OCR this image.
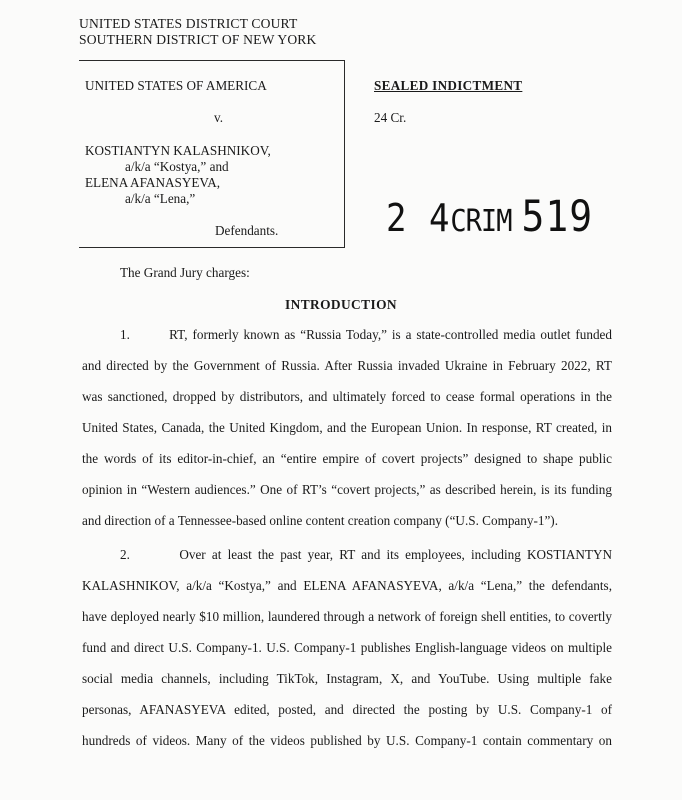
UNITED STATES DISTRICT COURT
SOUTHERN DISTRICT OF NEW YORK
UNITED STATES OF AMERICA
v.
KOSTIANTYN KALASHNIKOV,
a/k/a “Kostya,” and
ELENA AFANASYEVA,
a/k/a “Lena,”
Defendants.
SEALED INDICTMENT
24 Cr.
2 4CRIM 519
The Grand Jury charges:
INTRODUCTION
1.        RT, formerly known as “Russia Today,” is a state-controlled media outlet funded
and directed by the Government of Russia. After Russia invaded Ukraine in February 2022, RT
was sanctioned, dropped by distributors, and ultimately forced to cease formal operations in the
United States, Canada, the United Kingdom, and the European Union. In response, RT created, in
the words of its editor-in-chief, an “entire empire of covert projects” designed to shape public
opinion in “Western audiences.” One of RT’s “covert projects,” as described herein, is its funding
and direction of a Tennessee-based online content creation company (“U.S. Company-1”).
2.        Over at least the past year, RT and its employees, including KOSTIANTYN
KALASHNIKOV, a/k/a “Kostya,” and ELENA AFANASYEVA, a/k/a “Lena,” the defendants,
have deployed nearly $10 million, laundered through a network of foreign shell entities, to covertly
fund and direct U.S. Company-1. U.S. Company-1 publishes English-language videos on multiple
social media channels, including TikTok, Instagram, X, and YouTube. Using multiple fake
personas, AFANASYEVA edited, posted, and directed the posting by U.S. Company-1 of
hundreds of videos. Many of the videos published by U.S. Company-1 contain commentary on
